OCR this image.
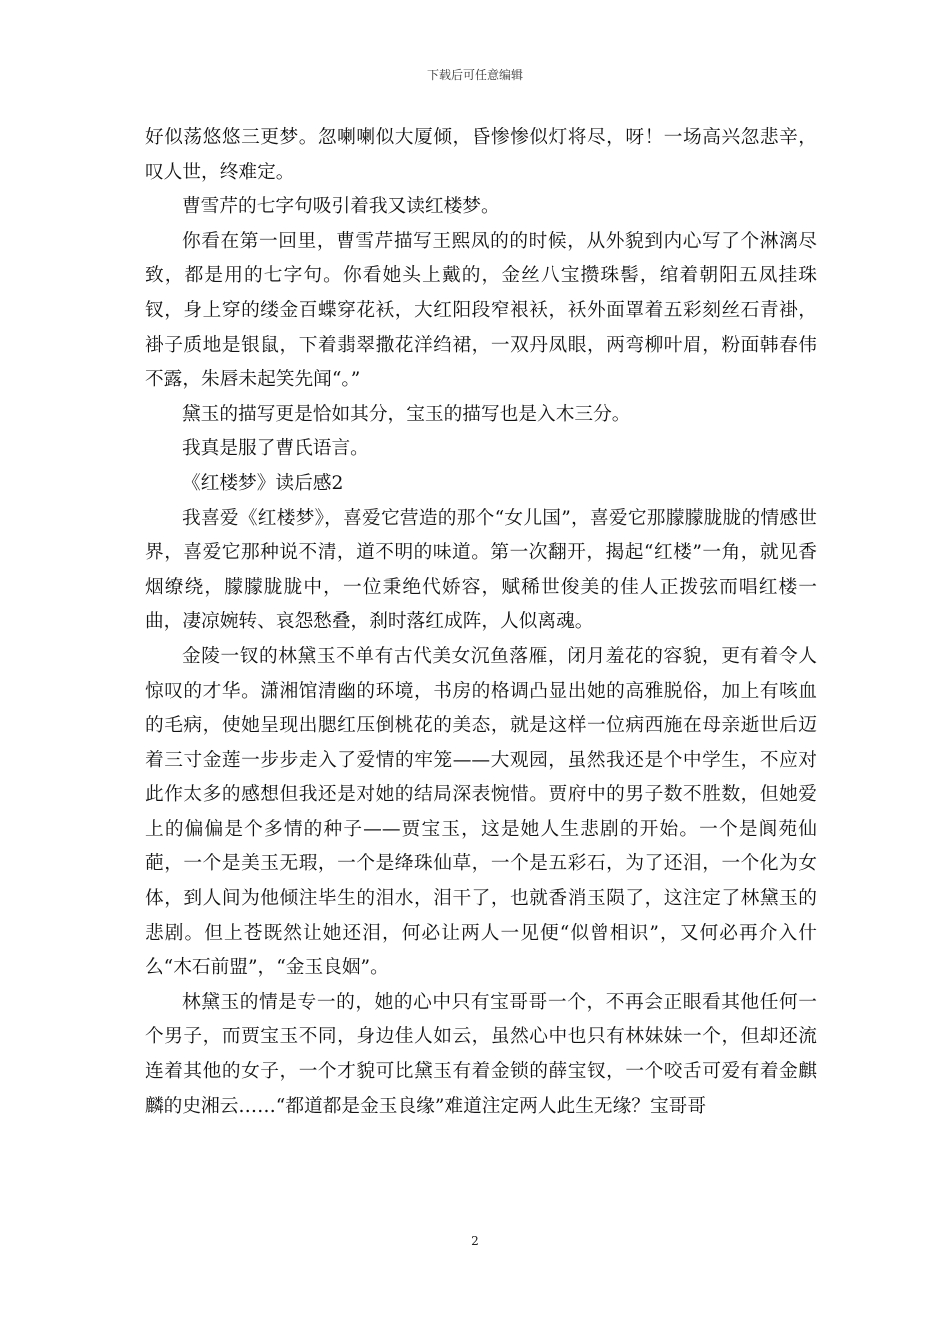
下载后可任意编辑

好似荡悠悠三更梦。忽喇喇似大厦倾，昏惨惨似灯将尽，呀！一场高兴忽悲辛，叹人世，终难定。

曹雪芹的七字句吸引着我又读红楼梦。

你看在第一回里，曹雪芹描写王熙凤的的时候，从外貌到内心写了个淋漓尽致，都是用的七字句。你看她头上戴的，金丝八宝攒珠髻，绾着朝阳五凤挂珠钗，身上穿的缕金百蝶穿花袄，大红阳段窄裉袄，袄外面罩着五彩刻丝石青褂，褂子质地是银鼠，下着翡翠撒花洋绉裙，一双丹凤眼，两弯柳叶眉，粉面韩春伟不露，朱唇未起笑先闻“。”

黛玉的描写更是恰如其分，宝玉的描写也是入木三分。

我真是服了曹氏语言。

《红楼梦》读后感2

我喜爱《红楼梦》，喜爱它营造的那个“女儿国”，喜爱它那朦朦胧胧的情感世界，喜爱它那种说不清，道不明的味道。第一次翻开，揭起“红楼”一角，就见香烟缭绕，朦朦胧胧中，一位秉绝代娇容，赋稀世俊美的佳人正拨弦而唱红楼一曲，凄凉婉转、哀怨愁叠，刹时落红成阵，人似离魂。

金陵一钗的林黛玉不单有古代美女沉鱼落雁，闭月羞花的容貌，更有着令人惊叹的才华。潇湘馆清幽的环境，书房的格调凸显出她的高雅脱俗，加上有咳血的毛病，使她呈现出腮红压倒桃花的美态，就是这样一位病西施在母亲逝世后迈着三寸金莲一步步走入了爱情的牢笼——大观园，虽然我还是个中学生，不应对此作太多的感想但我还是对她的结局深表惋惜。贾府中的男子数不胜数，但她爱上的偏偏是个多情的种子——贾宝玉，这是她人生悲剧的开始。一个是阆苑仙葩，一个是美玉无瑕，一个是绛珠仙草，一个是五彩石，为了还泪，一个化为女体，到人间为他倾注毕生的泪水，泪干了，也就香消玉陨了，这注定了林黛玉的悲剧。但上苍既然让她还泪，何必让两人一见便“似曾相识”，又何必再介入什么“木石前盟”，“金玉良姻”。

林黛玉的情是专一的，她的心中只有宝哥哥一个，不再会正眼看其他任何一个男子，而贾宝玉不同，身边佳人如云，虽然心中也只有林妹妹一个，但却还流连着其他的女子，一个才貌可比黛玉有着金锁的薛宝钗，一个咬舌可爱有着金麒麟的史湘云……“都道都是金玉良缘”难道注定两人此生无缘？宝哥哥

2
